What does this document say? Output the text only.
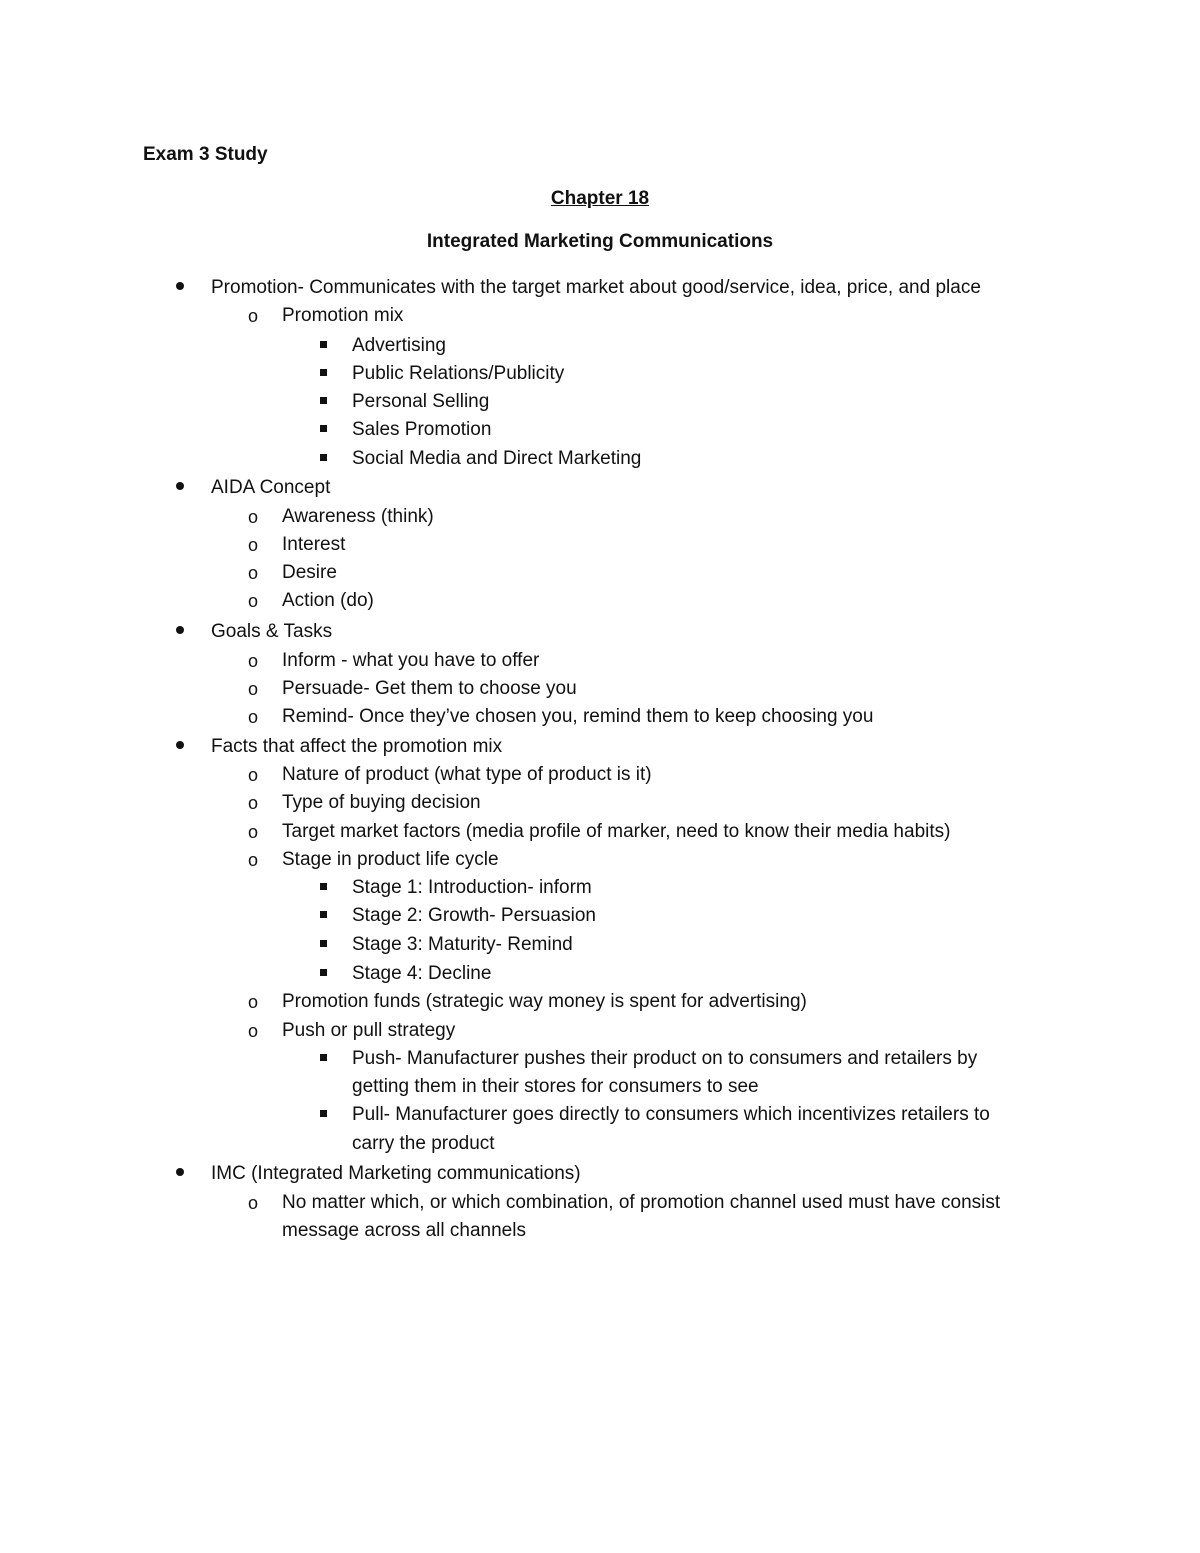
Exam 3 Study
Chapter 18
Integrated Marketing Communications
Promotion- Communicates with the target market about good/service, idea, price, and place
o Promotion mix
Advertising
Public Relations/Publicity
Personal Selling
Sales Promotion
Social Media and Direct Marketing
AIDA Concept
o Awareness (think)
o Interest
o Desire
o Action (do)
Goals & Tasks
o Inform - what you have to offer
o Persuade- Get them to choose you
o Remind- Once they’ve chosen you, remind them to keep choosing you
Facts that affect the promotion mix
o Nature of product (what type of product is it)
o Type of buying decision
o Target market factors (media profile of marker, need to know their media habits)
o Stage in product life cycle
Stage 1: Introduction- inform
Stage 2: Growth- Persuasion
Stage 3: Maturity- Remind
Stage 4: Decline
o Promotion funds (strategic way money is spent for advertising)
o Push or pull strategy
Push- Manufacturer pushes their product on to consumers and retailers by
getting them in their stores for consumers to see
Pull- Manufacturer goes directly to consumers which incentivizes retailers to
carry the product
IMC (Integrated Marketing communications)
o No matter which, or which combination, of promotion channel used must have consist
message across all channels
